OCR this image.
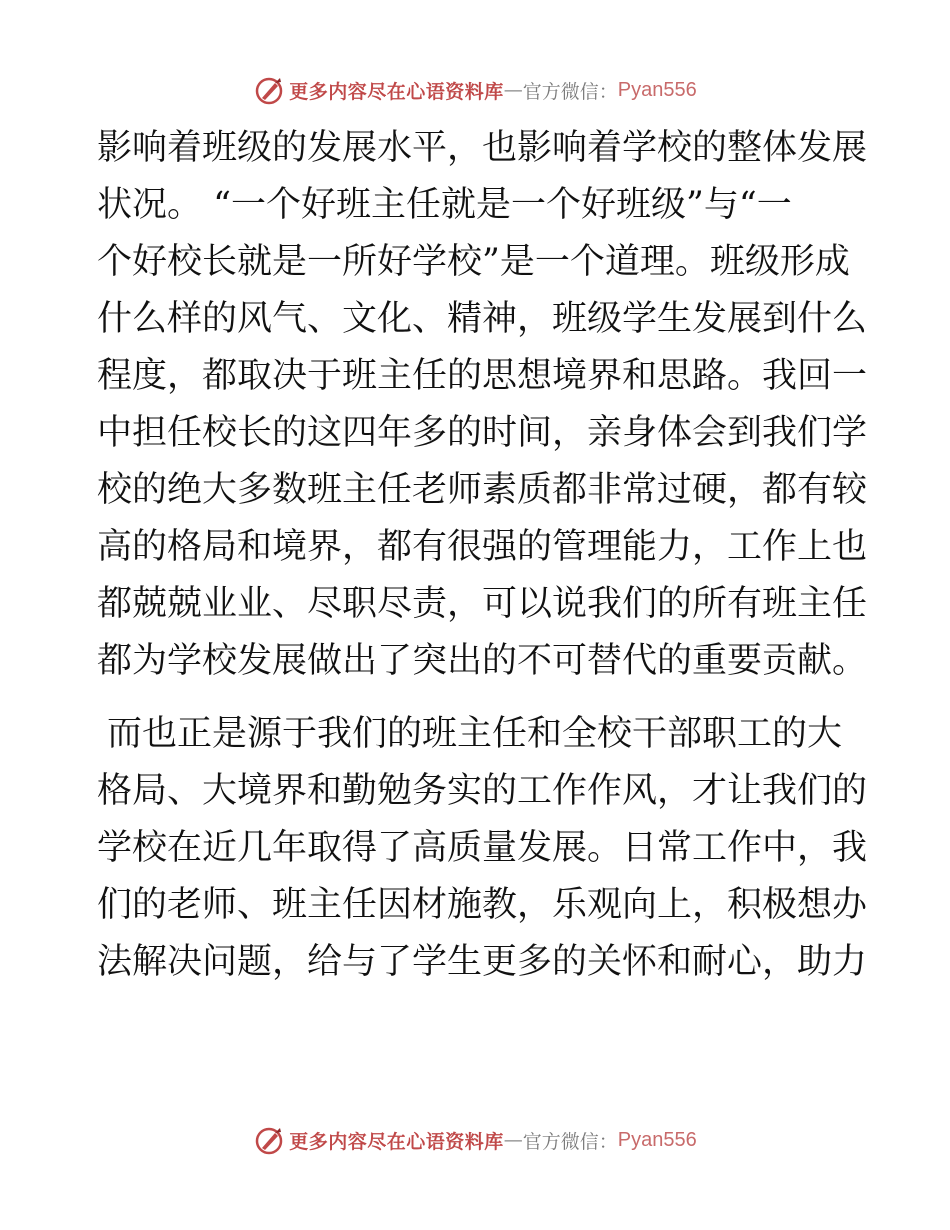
更多内容尽在心语资料库 — 官方微信： Pyan556
影响着班级的发展水平，也影响着学校的整体发展
状况。 “一个好班主任就是一个好班级”与“一
个好校长就是一所好学校”是一个道理。班级形成
什么样的风气、文化、精神，班级学生发展到什么
程度，都取决于班主任的思想境界和思路。我回一
中担任校长的这四年多的时间，亲身体会到我们学
校的绝大多数班主任老师素质都非常过硬，都有较
高的格局和境界，都有很强的管理能力，工作上也
都兢兢业业、尽职尽责，可以说我们的所有班主任
都为学校发展做出了突出的不可替代的重要贡献。
而也正是源于我们的班主任和全校干部职工的大
格局、大境界和勤勉务实的工作作风，才让我们的
学校在近几年取得了高质量发展。日常工作中，我
们的老师、班主任因材施教，乐观向上，积极想办
法解决问题，给与了学生更多的关怀和耐心，助力
更多内容尽在心语资料库 — 官方微信： Pyan556
